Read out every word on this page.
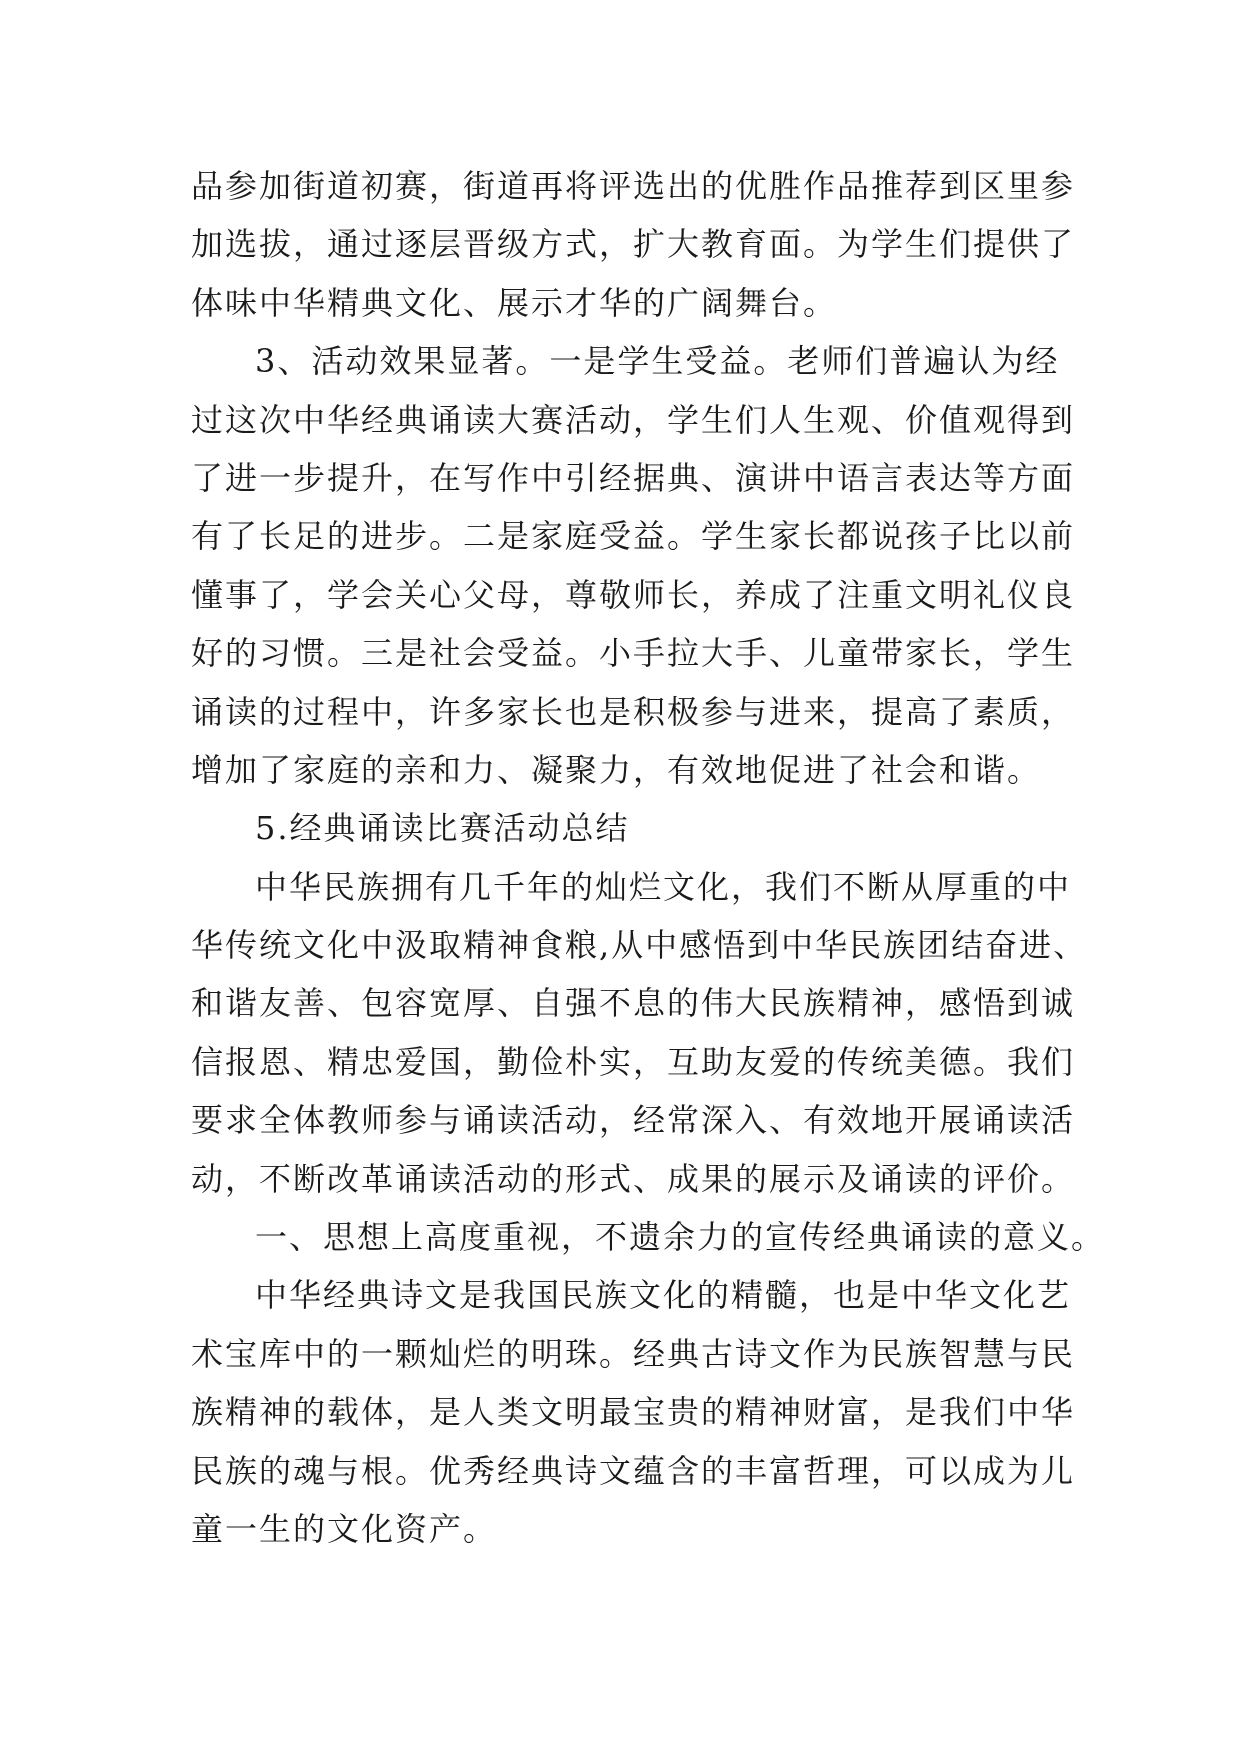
品参加街道初赛，街道再将评选出的优胜作品推荐到区里参
加选拔，通过逐层晋级方式，扩大教育面。为学生们提供了
体味中华精典文化、展示才华的广阔舞台。
3、活动效果显著。一是学生受益。老师们普遍认为经
过这次中华经典诵读大赛活动，学生们人生观、价值观得到
了进一步提升，在写作中引经据典、演讲中语言表达等方面
有了长足的进步。二是家庭受益。学生家长都说孩子比以前
懂事了，学会关心父母，尊敬师长，养成了注重文明礼仪良
好的习惯。三是社会受益。小手拉大手、儿童带家长，学生
诵读的过程中，许多家长也是积极参与进来，提高了素质，
增加了家庭的亲和力、凝聚力，有效地促进了社会和谐。
5.经典诵读比赛活动总结
中华民族拥有几千年的灿烂文化，我们不断从厚重的中
华传统文化中汲取精神食粮,从中感悟到中华民族团结奋进、
和谐友善、包容宽厚、自强不息的伟大民族精神，感悟到诚
信报恩、精忠爱国，勤俭朴实，互助友爱的传统美德。我们
要求全体教师参与诵读活动，经常深入、有效地开展诵读活
动，不断改革诵读活动的形式、成果的展示及诵读的评价。
一、思想上高度重视，不遗余力的宣传经典诵读的意义。
中华经典诗文是我国民族文化的精髓，也是中华文化艺
术宝库中的一颗灿烂的明珠。经典古诗文作为民族智慧与民
族精神的载体，是人类文明最宝贵的精神财富，是我们中华
民族的魂与根。优秀经典诗文蕴含的丰富哲理，可以成为儿
童一生的文化资产。
